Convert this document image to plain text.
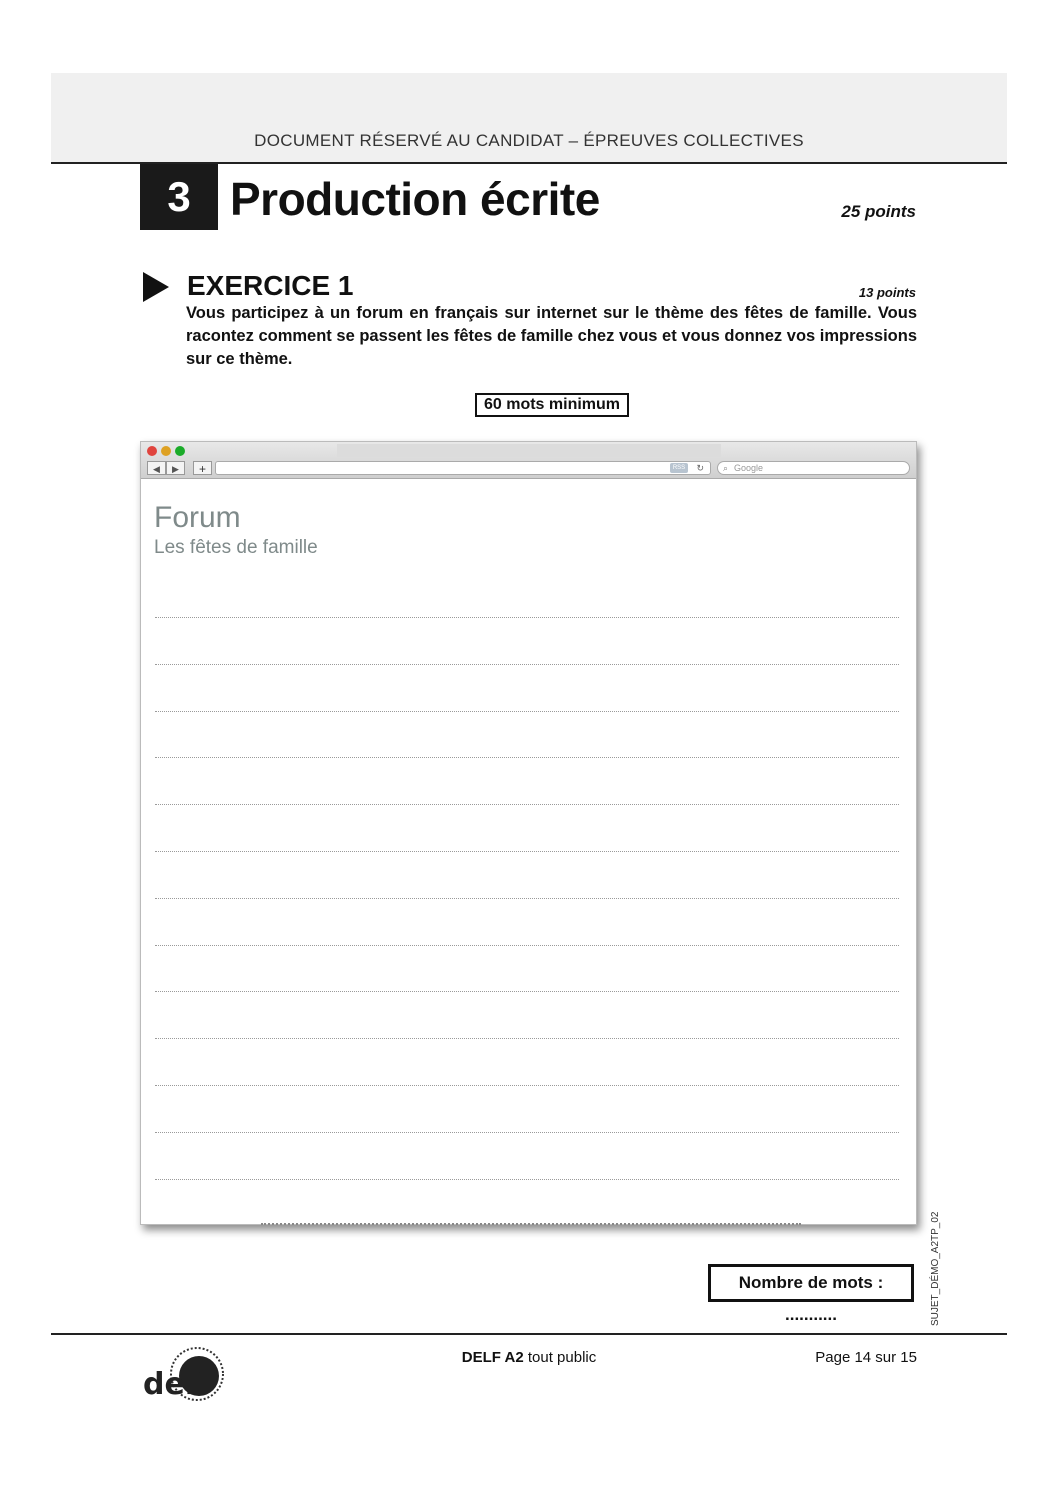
DOCUMENT RÉSERVÉ AU CANDIDAT – ÉPREUVES COLLECTIVES
3 Production écrite	25 points
EXERCICE 1	13 points
Vous participez à un forum en français sur internet sur le thème des fêtes de famille. Vous racontez comment se passent les fêtes de famille chez vous et vous donnez vos impressions sur ce thème.
60 mots minimum
◀	▶	+	RSS	↻ ⌕ Google
Forum
Les fêtes de famille
Nombre de mots : ...........	SUJET_DÉMO_A2TP_02
delf
DELF A2 tout public	Page 14 sur 15
